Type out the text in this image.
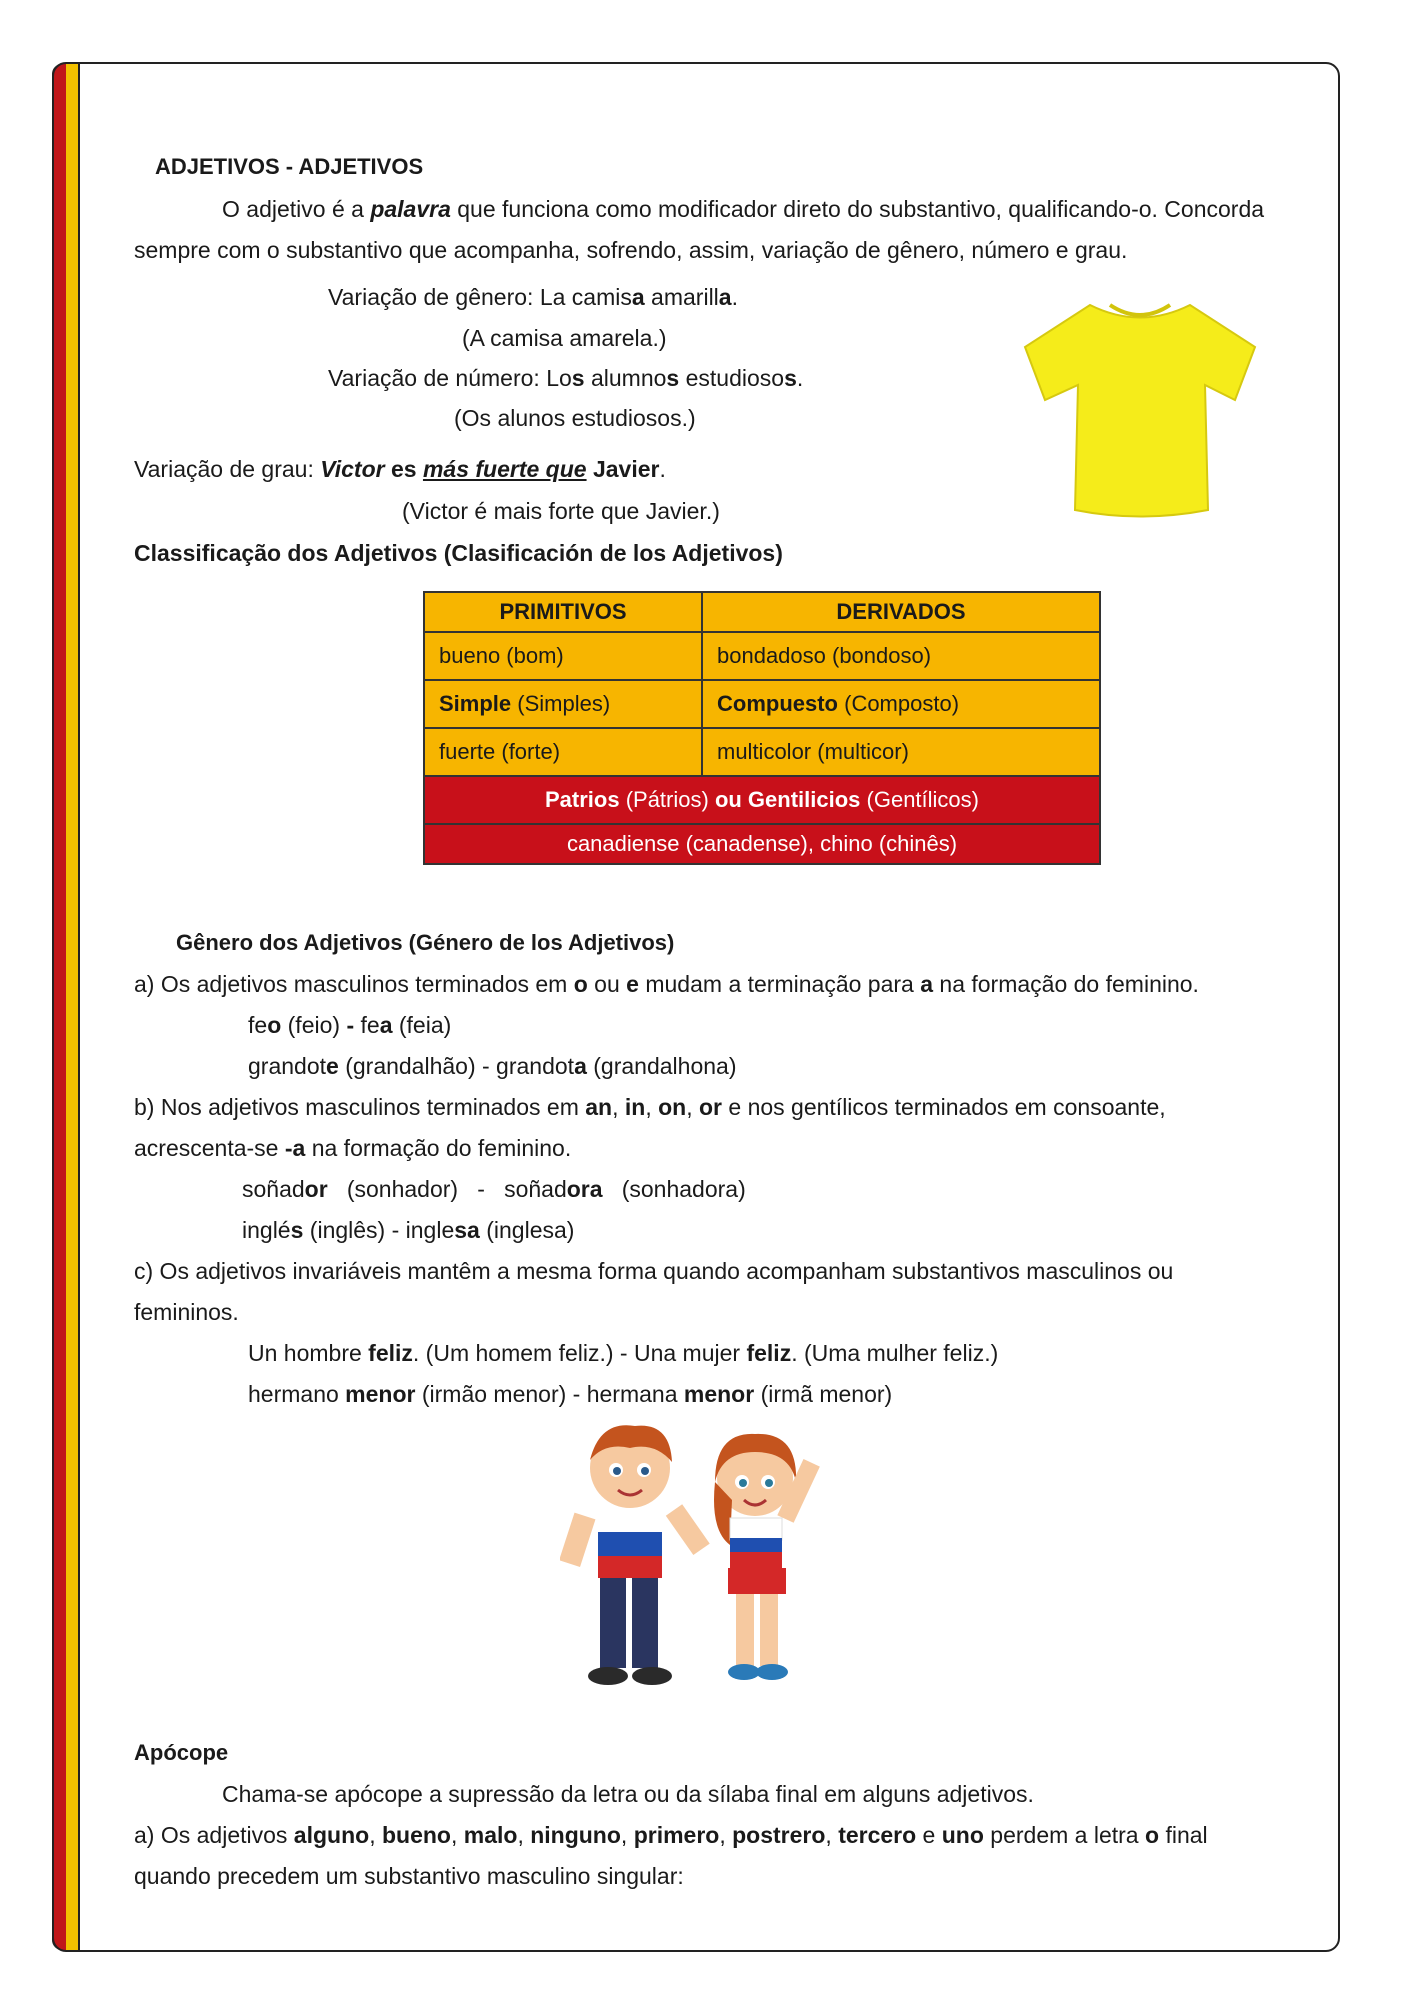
ADJETIVOS - ADJETIVOS
O adjetivo é a palavra que funciona como modificador direto do substantivo, qualificando-o. Concorda
sempre com o substantivo que acompanha, sofrendo, assim, variação de gênero, número e grau.
Variação de gênero: La camisa amarilla.
(A camisa amarela.)
Variação de número: Los alumnos estudiosos.
(Os alunos estudiosos.)
Variação de grau: Victor es más fuerte que Javier.
(Victor é mais forte que Javier.)
Classificação dos Adjetivos (Clasificación de los Adjetivos)
PRIMITIVOS	DERIVADOS
bueno (bom)	bondadoso (bondoso)
Simple (Simples)	Compuesto (Composto)
fuerte (forte)	multicolor (multicor)
Patrios (Pátrios) ou Gentilicios (Gentílicos)	
canadiense (canadense), chino (chinês)	
Gênero dos Adjetivos (Género de los Adjetivos)
a) Os adjetivos masculinos terminados em o ou e mudam a terminação para a na formação do feminino.
feo (feio) - fea (feia)
grandote (grandalhão) - grandota (grandalhona)
b) Nos adjetivos masculinos terminados em an, in, on, or e nos gentílicos terminados em consoante,
acrescenta-se -a na formação do feminino.
soñador   (sonhador)   -   soñadora   (sonhadora)
inglés (inglês) - inglesa (inglesa)
c) Os adjetivos invariáveis mantêm a mesma forma quando acompanham substantivos masculinos ou
femininos.
Un hombre feliz. (Um homem feliz.) - Una mujer feliz. (Uma mulher feliz.)
hermano menor (irmão menor) - hermana menor (irmã menor)
Apócope
Chama-se apócope a supressão da letra ou da sílaba final em alguns adjetivos.
a) Os adjetivos alguno, bueno, malo, ninguno, primero, postrero, tercero e uno perdem a letra o final
quando precedem um substantivo masculino singular:
